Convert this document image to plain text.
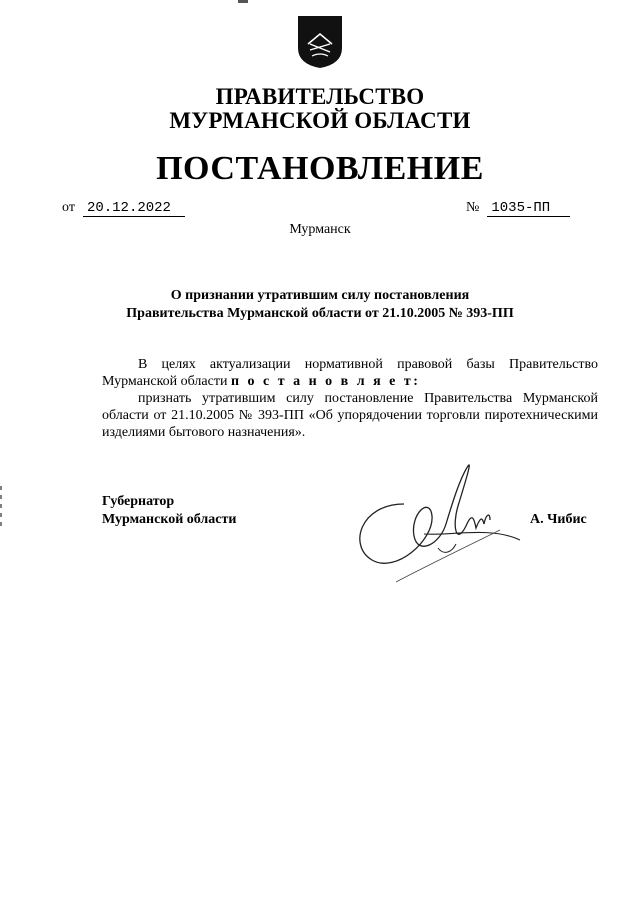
ПРАВИТЕЛЬСТВО
МУРМАНСКОЙ ОБЛАСТИ
ПОСТАНОВЛЕНИЕ
от 20.12.2022	№ 1035-ПП
Мурманск
О признании утратившим силу постановления
Правительства Мурманской области от 21.10.2005 № 393-ПП
В целях актуализации нормативной правовой базы Правительство Мурманской области п о с т а н о в л я е т:
признать утратившим силу постановление Правительства Мурманской области от 21.10.2005 № 393-ПП «Об упорядочении торговли пиротехническими изделиями бытового назначения».
Губернатор
Мурманской области	А. Чибис
